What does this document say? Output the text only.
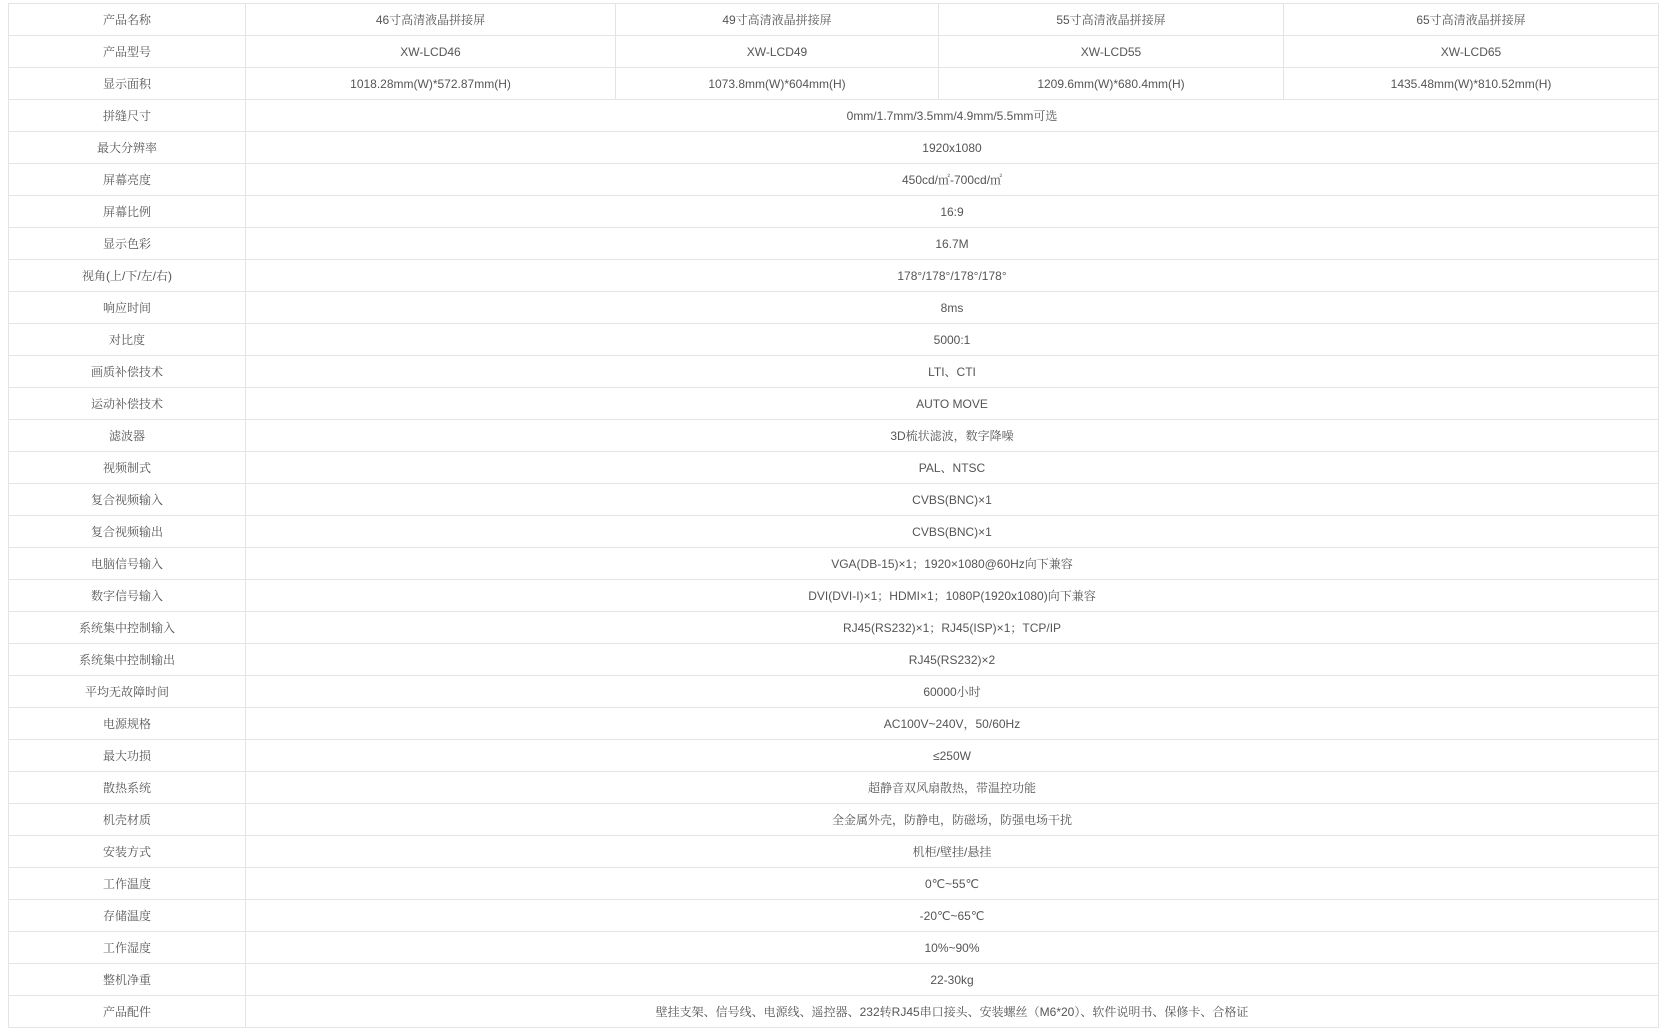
产品名称	46寸高清液晶拼接屏	49寸高清液晶拼接屏	55寸高清液晶拼接屏	65寸高清液晶拼接屏
产品型号	XW-LCD46	XW-LCD49	XW-LCD55	XW-LCD65
显示面积	1018.28mm(W)*572.87mm(H)	1073.8mm(W)*604mm(H)	1209.6mm(W)*680.4mm(H)	1435.48mm(W)*810.52mm(H)
拼缝尺寸	0mm/1.7mm/3.5mm/4.9mm/5.5mm可选			
最大分辨率	1920x1080			
屏幕亮度	450cd/㎡-700cd/㎡			
屏幕比例	16:9			
显示色彩	16.7M			
视角(上/下/左/右)	178°/178°/178°/178°			
响应时间	8ms			
对比度	5000:1			
画质补偿技术	LTI、CTI			
运动补偿技术	AUTO MOVE			
滤波器	3D梳状滤波，数字降噪			
视频制式	PAL、NTSC			
复合视频输入	CVBS(BNC)×1			
复合视频输出	CVBS(BNC)×1			
电脑信号输入	VGA(DB-15)×1；1920×1080@60Hz向下兼容			
数字信号输入	DVI(DVI-I)×1；HDMI×1；1080P(1920x1080)向下兼容			
系统集中控制输入	RJ45(RS232)×1；RJ45(ISP)×1；TCP/IP			
系统集中控制输出	RJ45(RS232)×2			
平均无故障时间	60000小时			
电源规格	AC100V~240V，50/60Hz			
最大功损	≤250W			
散热系统	超静音双风扇散热，带温控功能			
机壳材质	全金属外壳，防静电，防磁场，防强电场干扰			
安装方式	机柜/壁挂/悬挂			
工作温度	0℃~55℃			
存储温度	-20℃~65℃			
工作湿度	10%~90%			
整机净重	22-30kg			
产品配件	壁挂支架、信号线、电源线、遥控器、232转RJ45串口接头、安装螺丝（M6*20）、软件说明书、保修卡、合格证			
